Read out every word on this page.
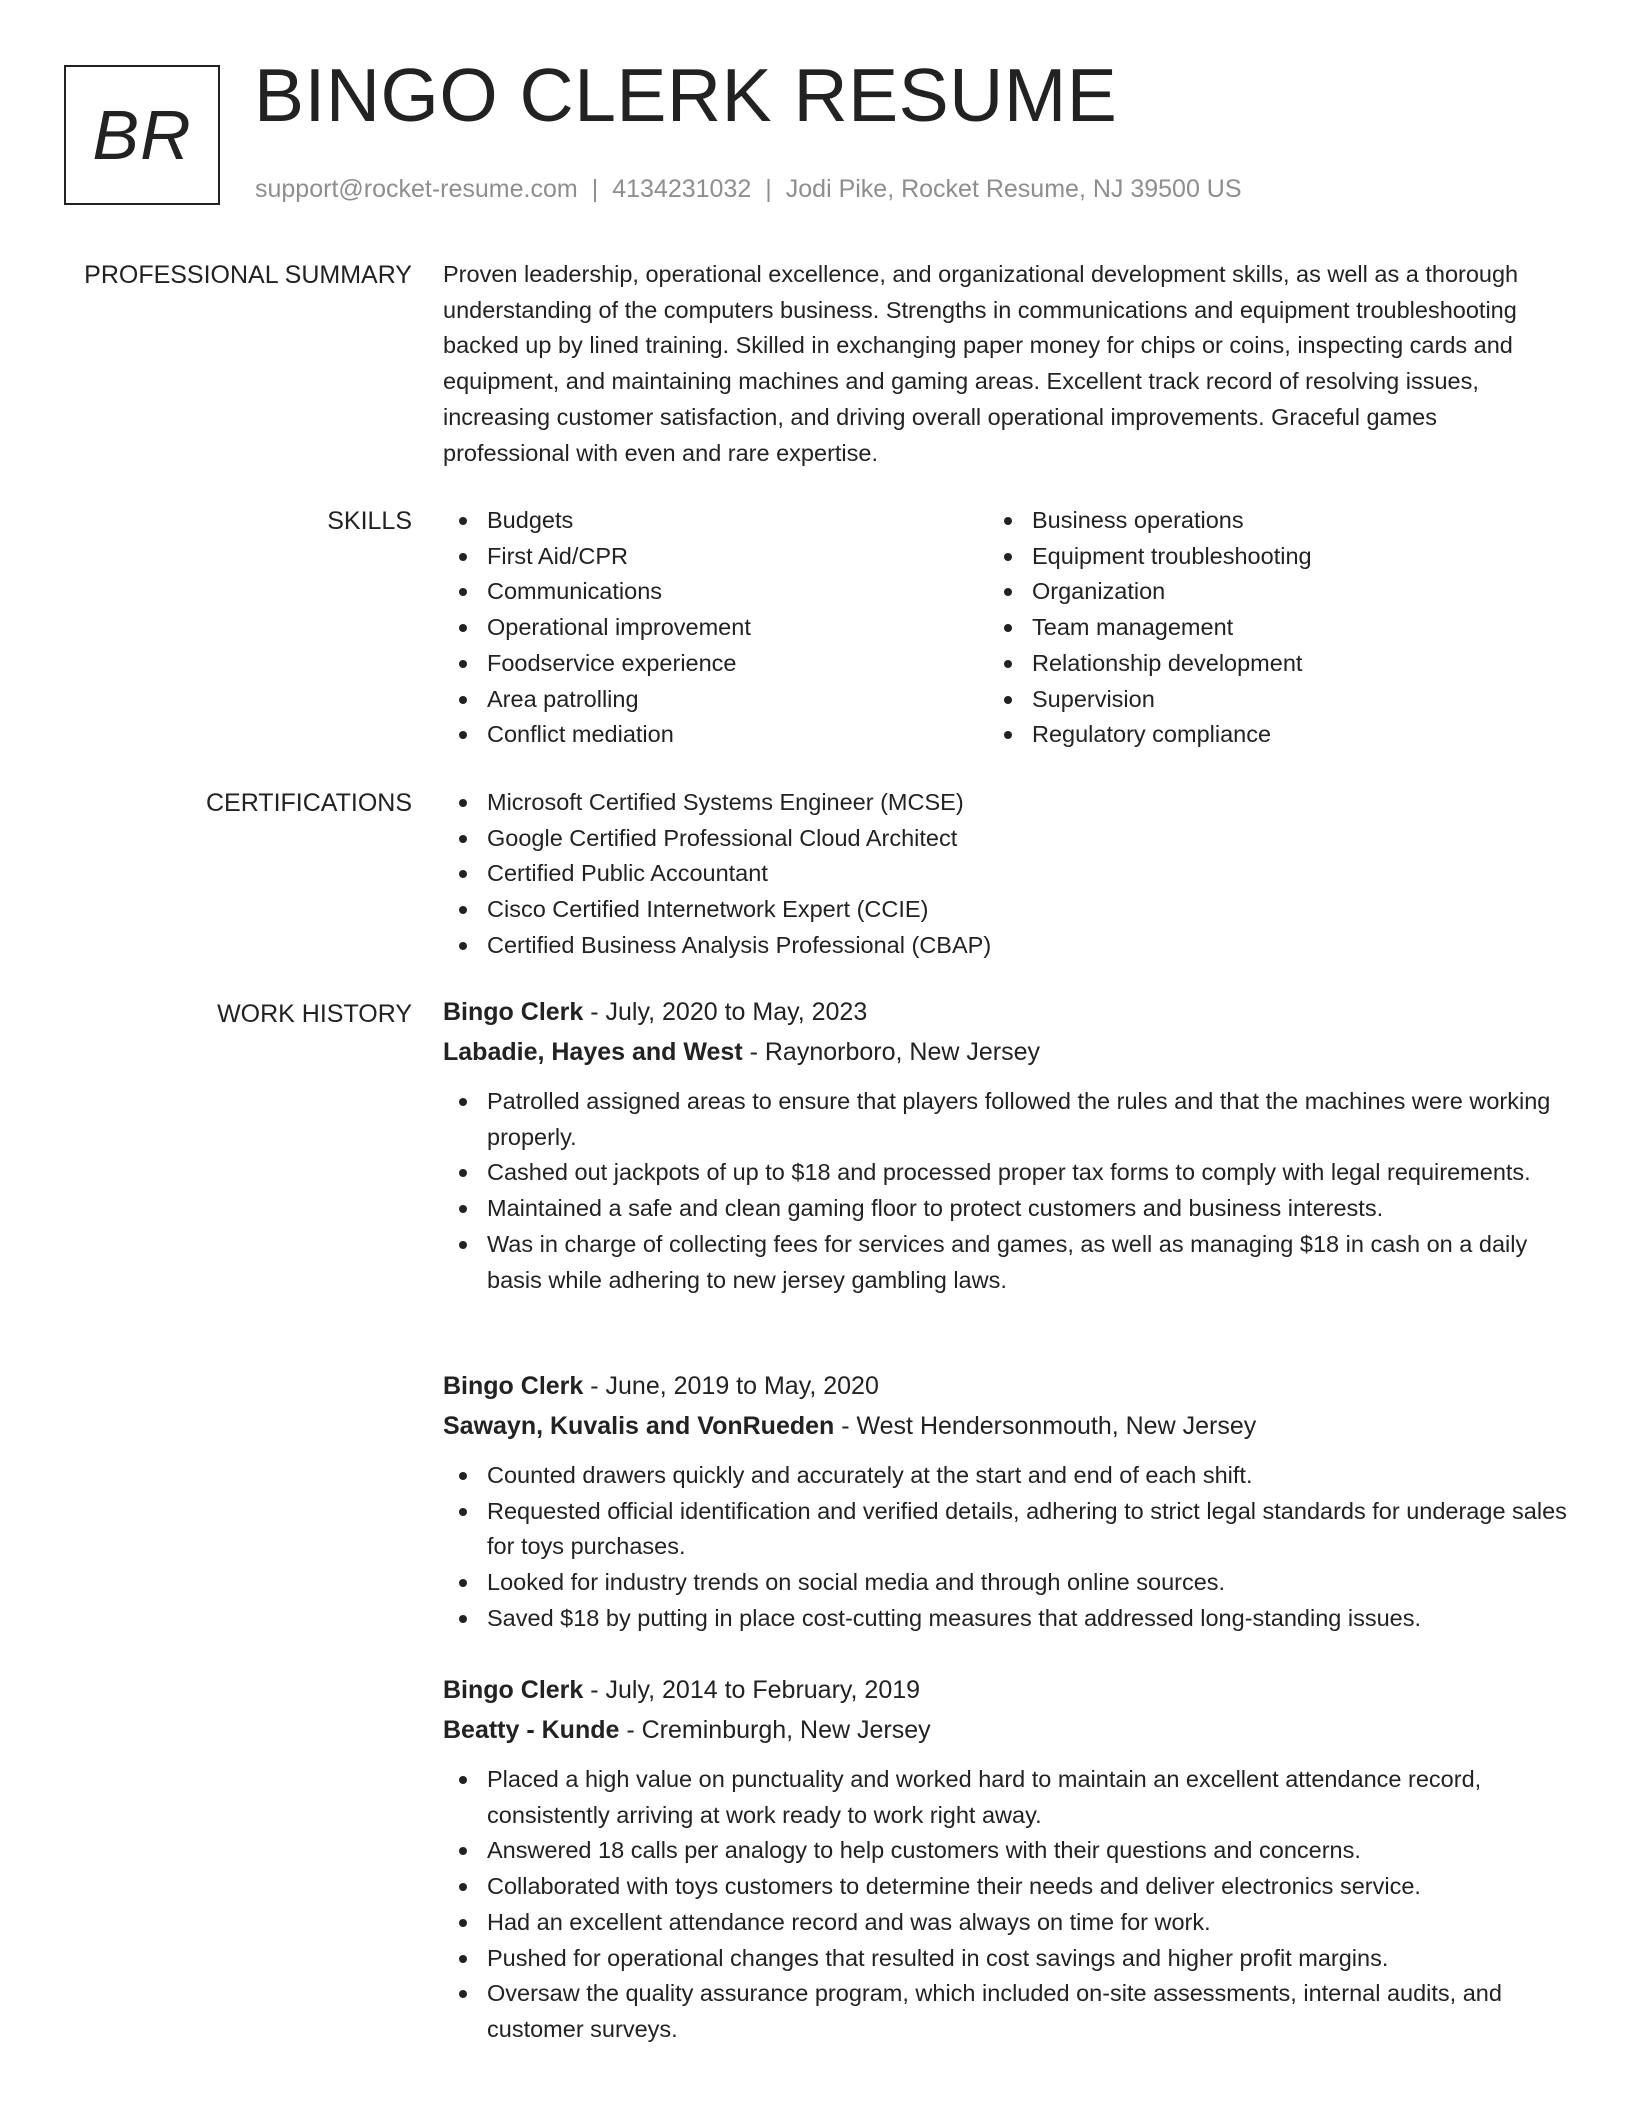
BR BINGO CLERK RESUME
support@rocket-resume.com | 4134231032 | Jodi Pike, Rocket Resume, NJ 39500 US
PROFESSIONAL SUMMARY Proven leadership, operational excellence, and organizational development skills, as well as a thorough understanding of the computers business. Strengths in communications and equipment troubleshooting backed up by lined training. Skilled in exchanging paper money for chips or coins, inspecting cards and equipment, and maintaining machines and gaming areas. Excellent track record of resolving issues, increasing customer satisfaction, and driving overall operational improvements. Graceful games professional with even and rare expertise.

SKILLS	Budgets
First Aid/CPR
Communications
Operational improvement
Foodservice experience
Area patrolling
Conflict mediation
Business operations
Equipment troubleshooting
Organization
Team management
Relationship development
Supervision
Regulatory compliance
CERTIFICATIONS	Microsoft Certified Systems Engineer (MCSE)
Google Certified Professional Cloud Architect
Certified Public Accountant
Cisco Certified Internetwork Expert (CCIE)
Certified Business Analysis Professional (CBAP)
WORK HISTORY Bingo Clerk - July, 2020 to May, 2023
Labadie, Hayes and West - Raynorboro, New Jersey
Patrolled assigned areas to ensure that players followed the rules and that the machines were working properly.
Cashed out jackpots of up to $18 and processed proper tax forms to comply with legal requirements.
Maintained a safe and clean gaming floor to protect customers and business interests.
Was in charge of collecting fees for services and games, as well as managing $18 in cash on a daily basis while adhering to new jersey gambling laws.
Bingo Clerk - June, 2019 to May, 2020
Sawayn, Kuvalis and VonRueden - West Hendersonmouth, New Jersey
Counted drawers quickly and accurately at the start and end of each shift.
Requested official identification and verified details, adhering to strict legal standards for underage sales for toys purchases.
Looked for industry trends on social media and through online sources.
Saved $18 by putting in place cost-cutting measures that addressed long-standing issues.
Bingo Clerk - July, 2014 to February, 2019
Beatty - Kunde - Creminburgh, New Jersey
Placed a high value on punctuality and worked hard to maintain an excellent attendance record, consistently arriving at work ready to work right away.
Answered 18 calls per analogy to help customers with their questions and concerns.
Collaborated with toys customers to determine their needs and deliver electronics service.
Had an excellent attendance record and was always on time for work.
Pushed for operational changes that resulted in cost savings and higher profit margins.
Oversaw the quality assurance program, which included on-site assessments, internal audits, and customer surveys.
